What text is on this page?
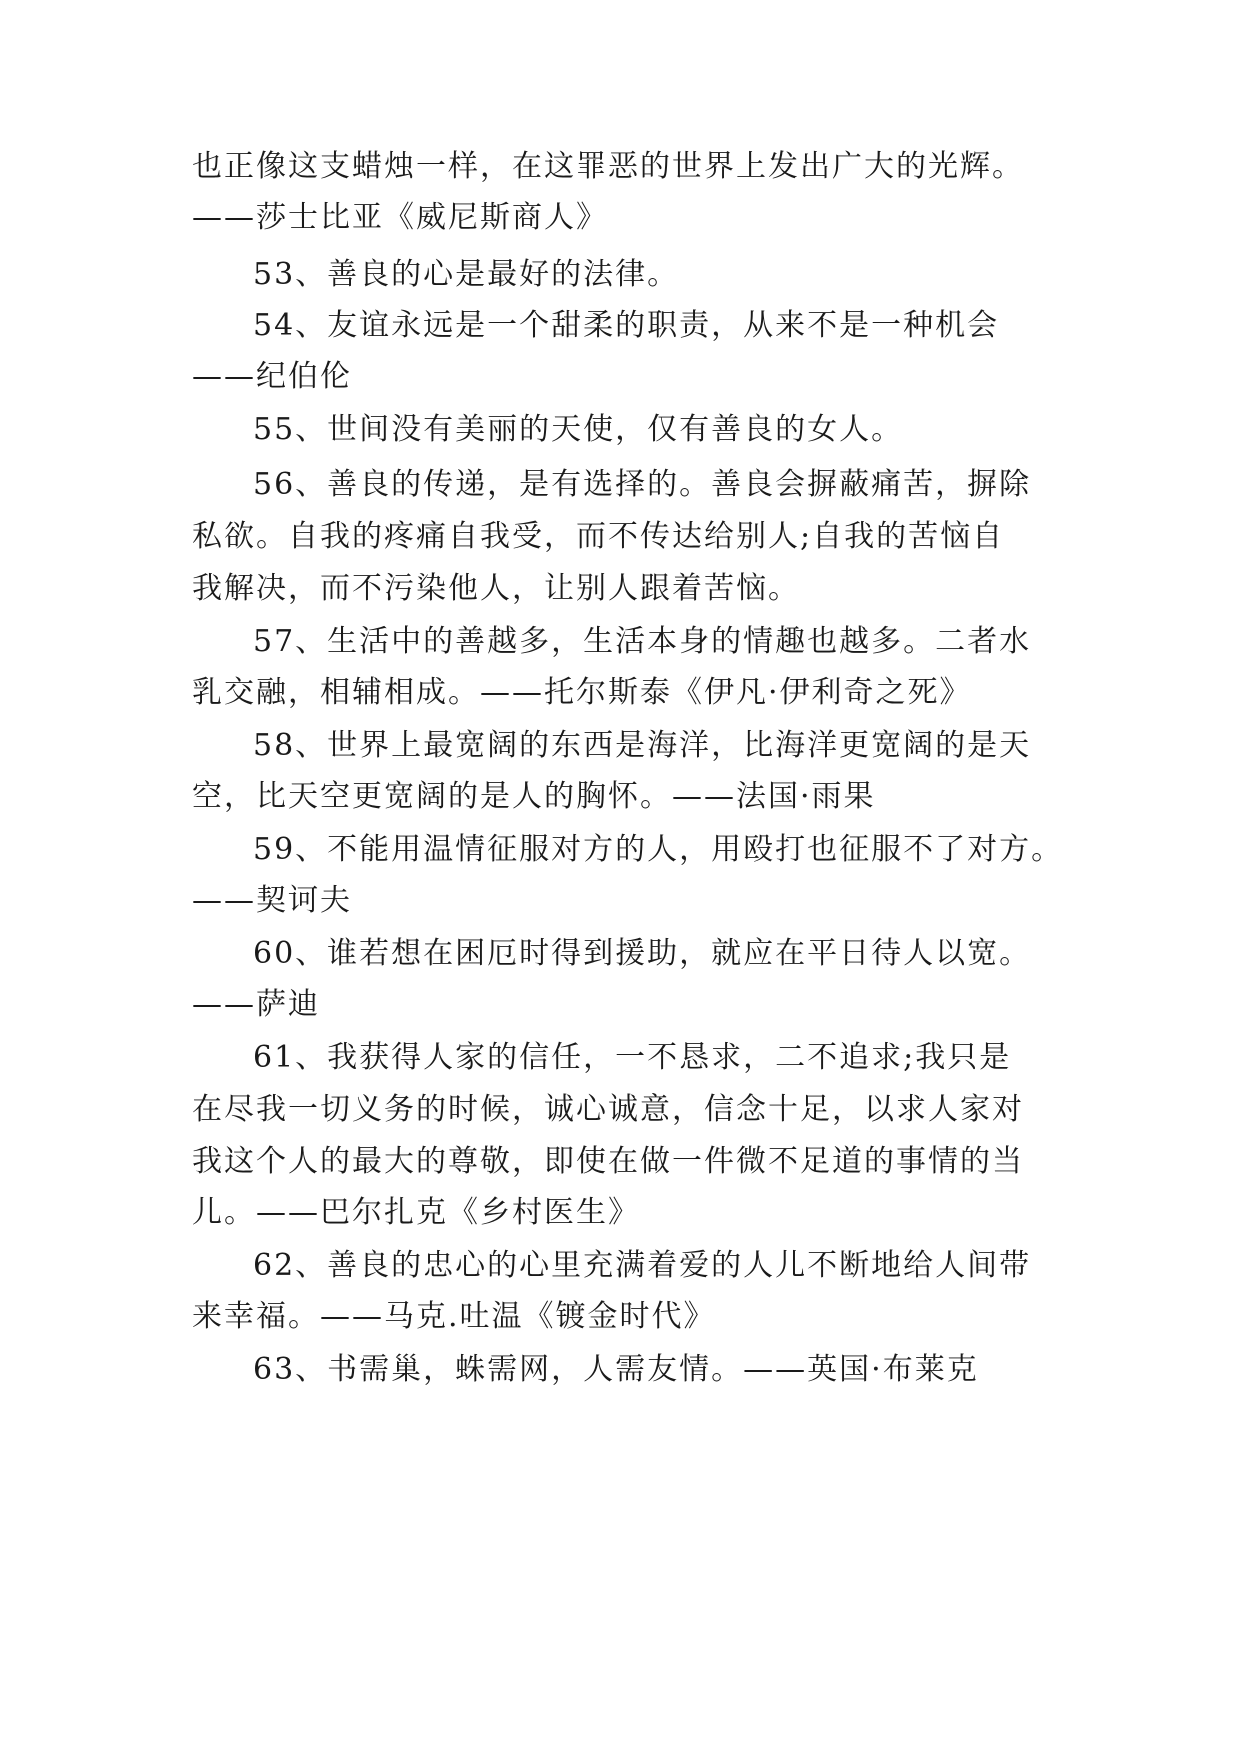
也正像这支蜡烛一样，在这罪恶的世界上发出广大的光辉。
——莎士比亚《威尼斯商人》
53、善良的心是最好的法律。
54、友谊永远是一个甜柔的职责，从来不是一种机会
——纪伯伦
55、世间没有美丽的天使，仅有善良的女人。
56、善良的传递，是有选择的。善良会摒蔽痛苦，摒除
私欲。自我的疼痛自我受，而不传达给别人;自我的苦恼自
我解决，而不污染他人，让别人跟着苦恼。
57、生活中的善越多，生活本身的情趣也越多。二者水
乳交融，相辅相成。——托尔斯泰《伊凡·伊利奇之死》
58、世界上最宽阔的东西是海洋，比海洋更宽阔的是天
空，比天空更宽阔的是人的胸怀。——法国·雨果
59、不能用温情征服对方的人，用殴打也征服不了对方。
——契诃夫
60、谁若想在困厄时得到援助，就应在平日待人以宽。
——萨迪
61、我获得人家的信任，一不恳求，二不追求;我只是
在尽我一切义务的时候，诚心诚意，信念十足，以求人家对
我这个人的最大的尊敬，即使在做一件微不足道的事情的当
儿。——巴尔扎克《乡村医生》
62、善良的忠心的心里充满着爱的人儿不断地给人间带
来幸福。——马克.吐温《镀金时代》
63、书需巢，蛛需网，人需友情。——英国·布莱克
